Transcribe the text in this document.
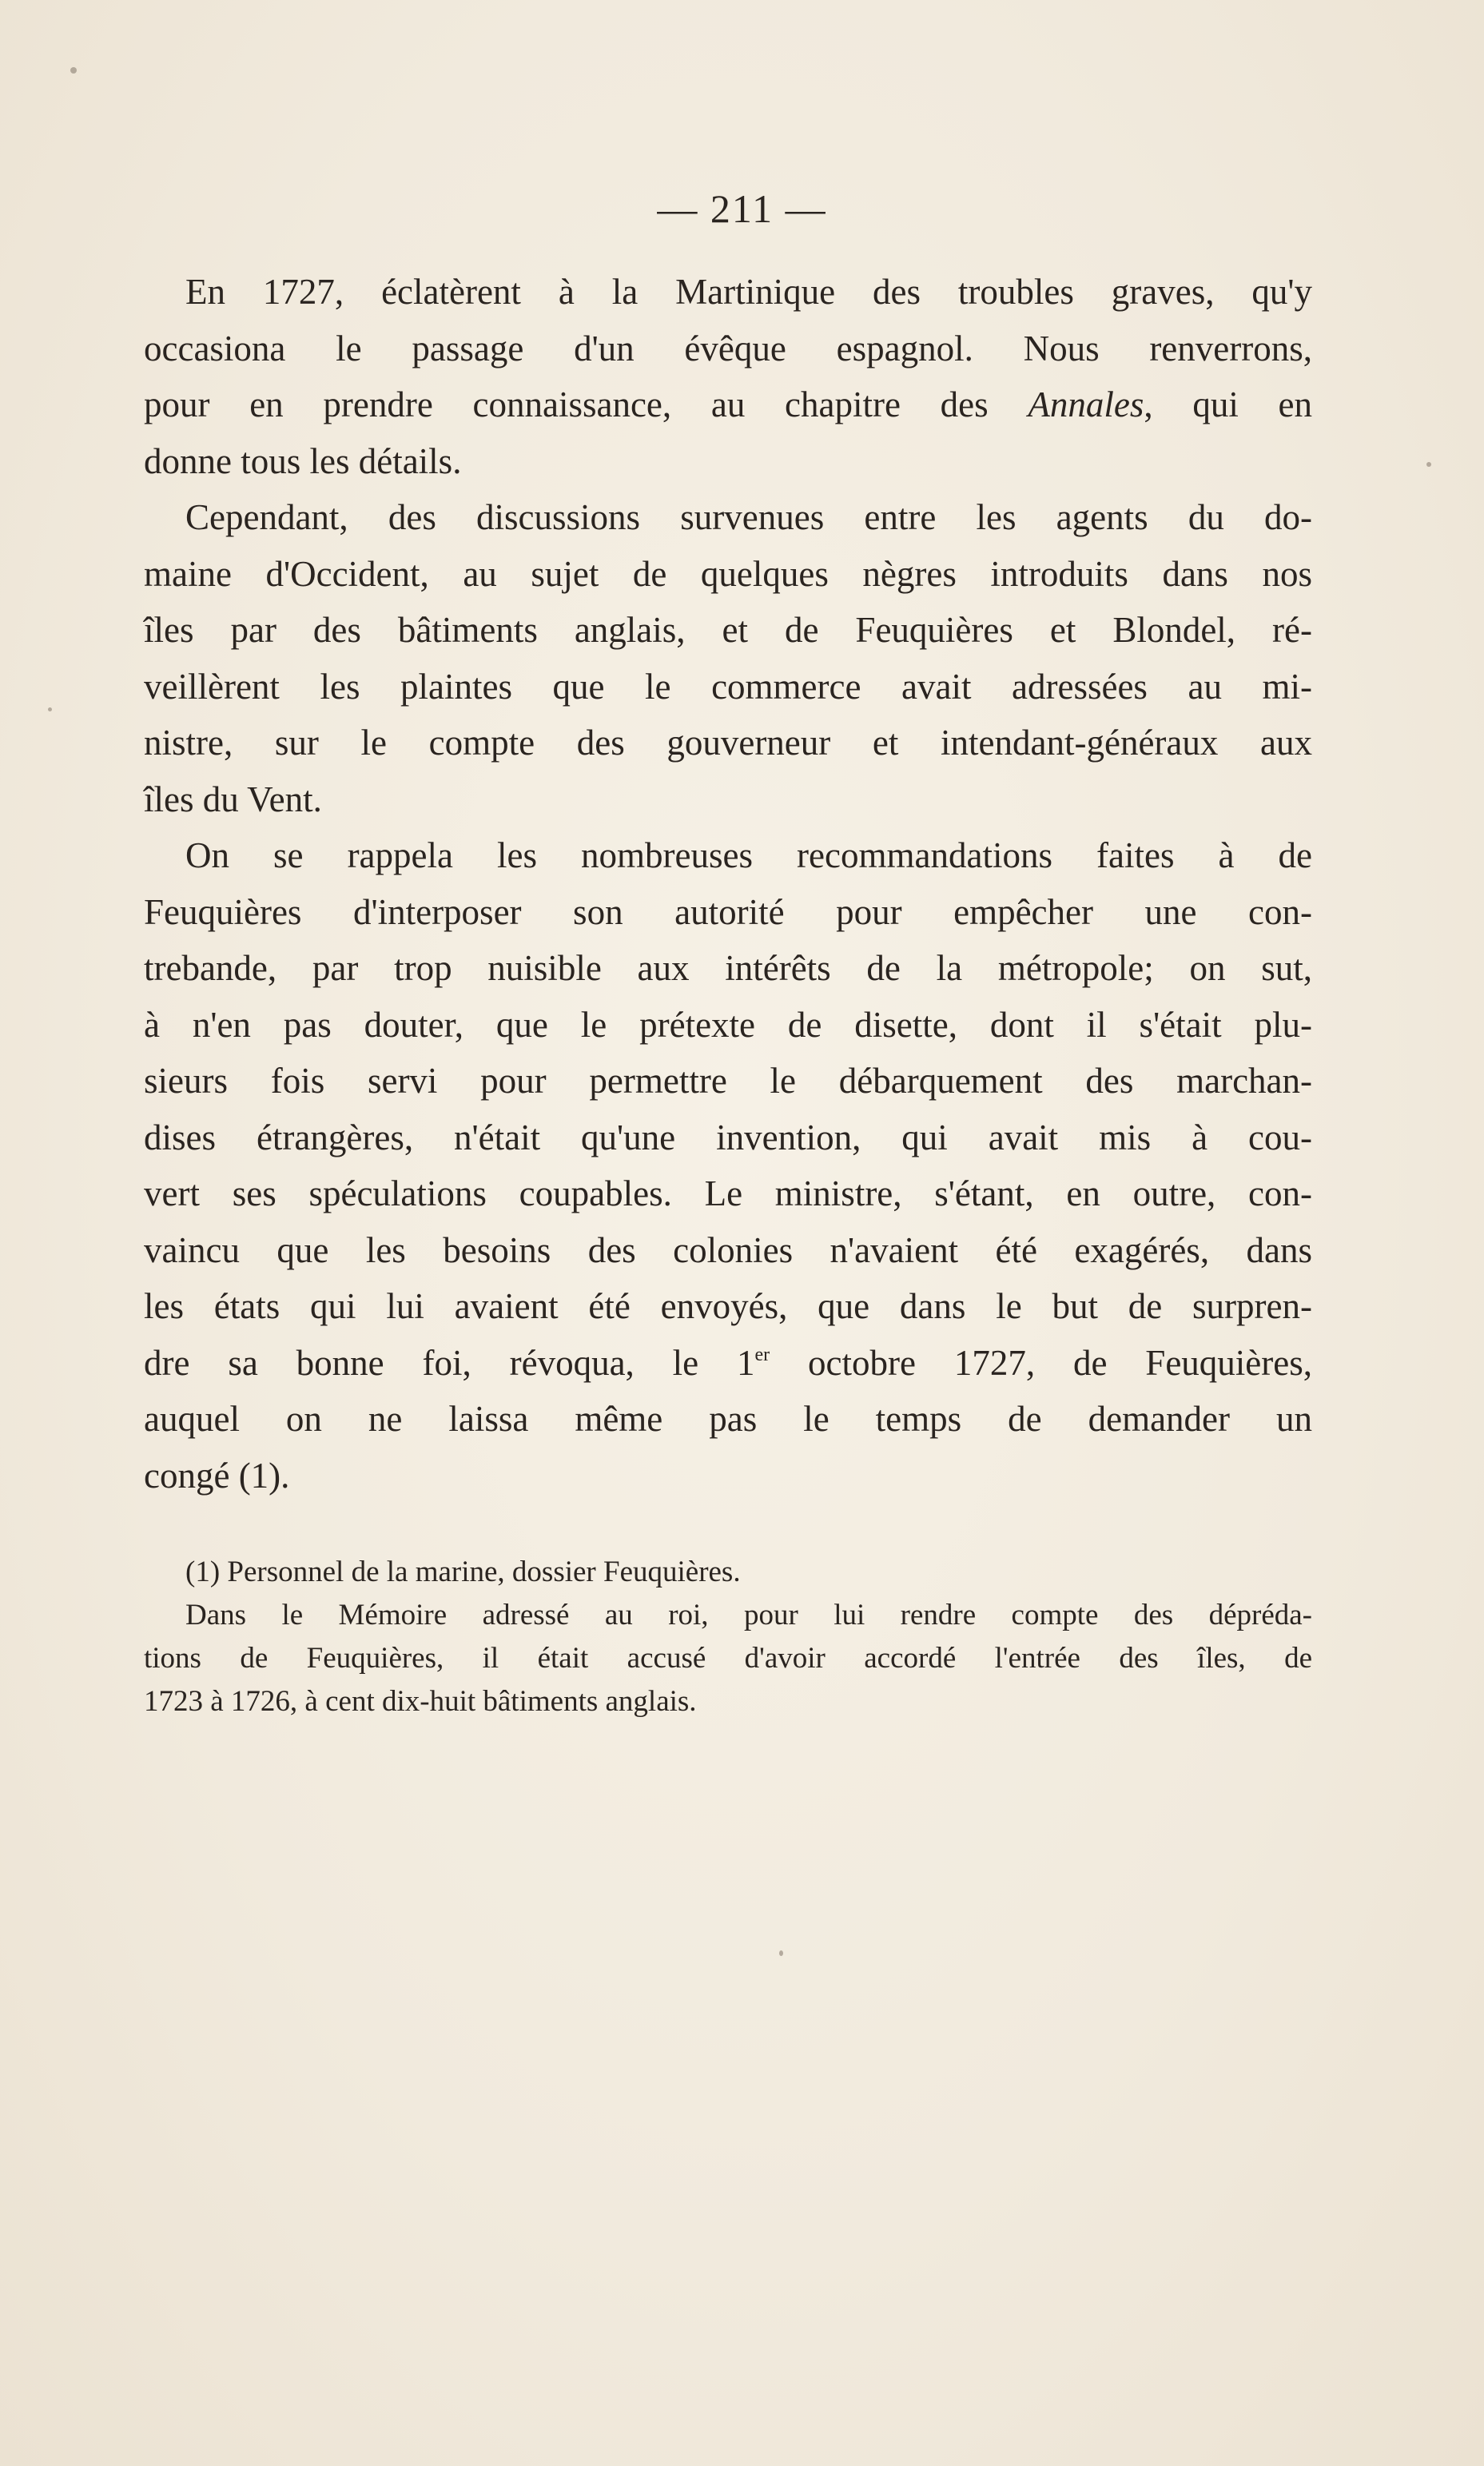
— 211 —
En 1727, éclatèrent à la Martinique des troubles graves, qu'y
occasiona le passage d'un évêque espagnol. Nous renverrons,
pour en prendre connaissance, au chapitre des Annales, qui en
donne tous les détails.
Cependant, des discussions survenues entre les agents du do-
maine d'Occident, au sujet de quelques nègres introduits dans nos
îles par des bâtiments anglais, et de Feuquières et Blondel, ré-
veillèrent les plaintes que le commerce avait adressées au mi-
nistre, sur le compte des gouverneur et intendant-généraux aux
îles du Vent.
On se rappela les nombreuses recommandations faites à de
Feuquières d'interposer son autorité pour empêcher une con-
trebande, par trop nuisible aux intérêts de la métropole; on sut,
à n'en pas douter, que le prétexte de disette, dont il s'était plu-
sieurs fois servi pour permettre le débarquement des marchan-
dises étrangères, n'était qu'une invention, qui avait mis à cou-
vert ses spéculations coupables. Le ministre, s'étant, en outre, con-
vaincu que les besoins des colonies n'avaient été exagérés, dans
les états qui lui avaient été envoyés, que dans le but de surpren-
dre sa bonne foi, révoqua, le 1er octobre 1727, de Feuquières,
auquel on ne laissa même pas le temps de demander un
congé (1).
(1) Personnel de la marine, dossier Feuquières.
Dans le Mémoire adressé au roi, pour lui rendre compte des dépréda-
tions de Feuquières, il était accusé d'avoir accordé l'entrée des îles, de
1723 à 1726, à cent dix-huit bâtiments anglais.
